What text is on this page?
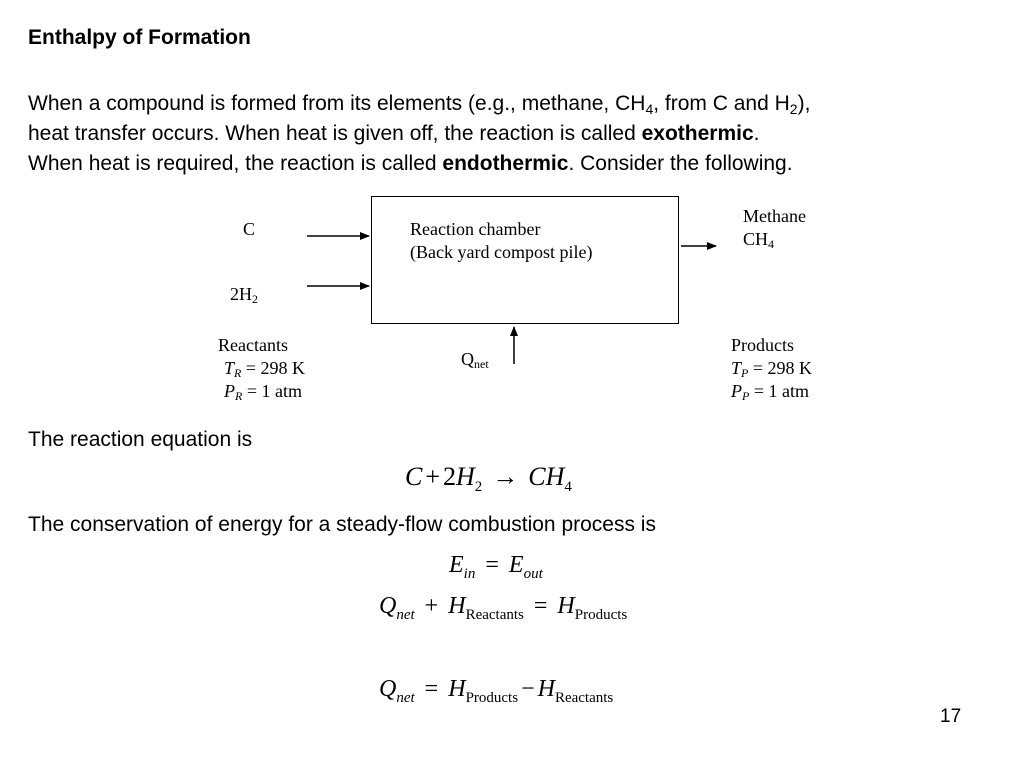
Enthalpy of Formation
When a compound is formed from its elements (e.g., methane, $CH_4$, from C and $H_2$),
heat transfer occurs. When heat is given off, the reaction is called exothermic.
When heat is required, the reaction is called endothermic. Consider the following.
Reaction chamber
(Back yard compost pile)
C
$2H_2$
Methane
$CH_4$
$Q_{net}$
Reactants
$T_R = 298$ K
$P_R = 1$ atm
Products
$T_P = 298$ K
$P_P = 1$ atm
The reaction equation is
$C + 2H_2 \to CH_4$
The conservation of energy for a steady-flow combustion process is
$E_{in} = E_{out}$
$Q_{net} + H_{Reactants} = H_{Products}$
$Q_{net} = H_{Products} - H_{Reactants}$
17
